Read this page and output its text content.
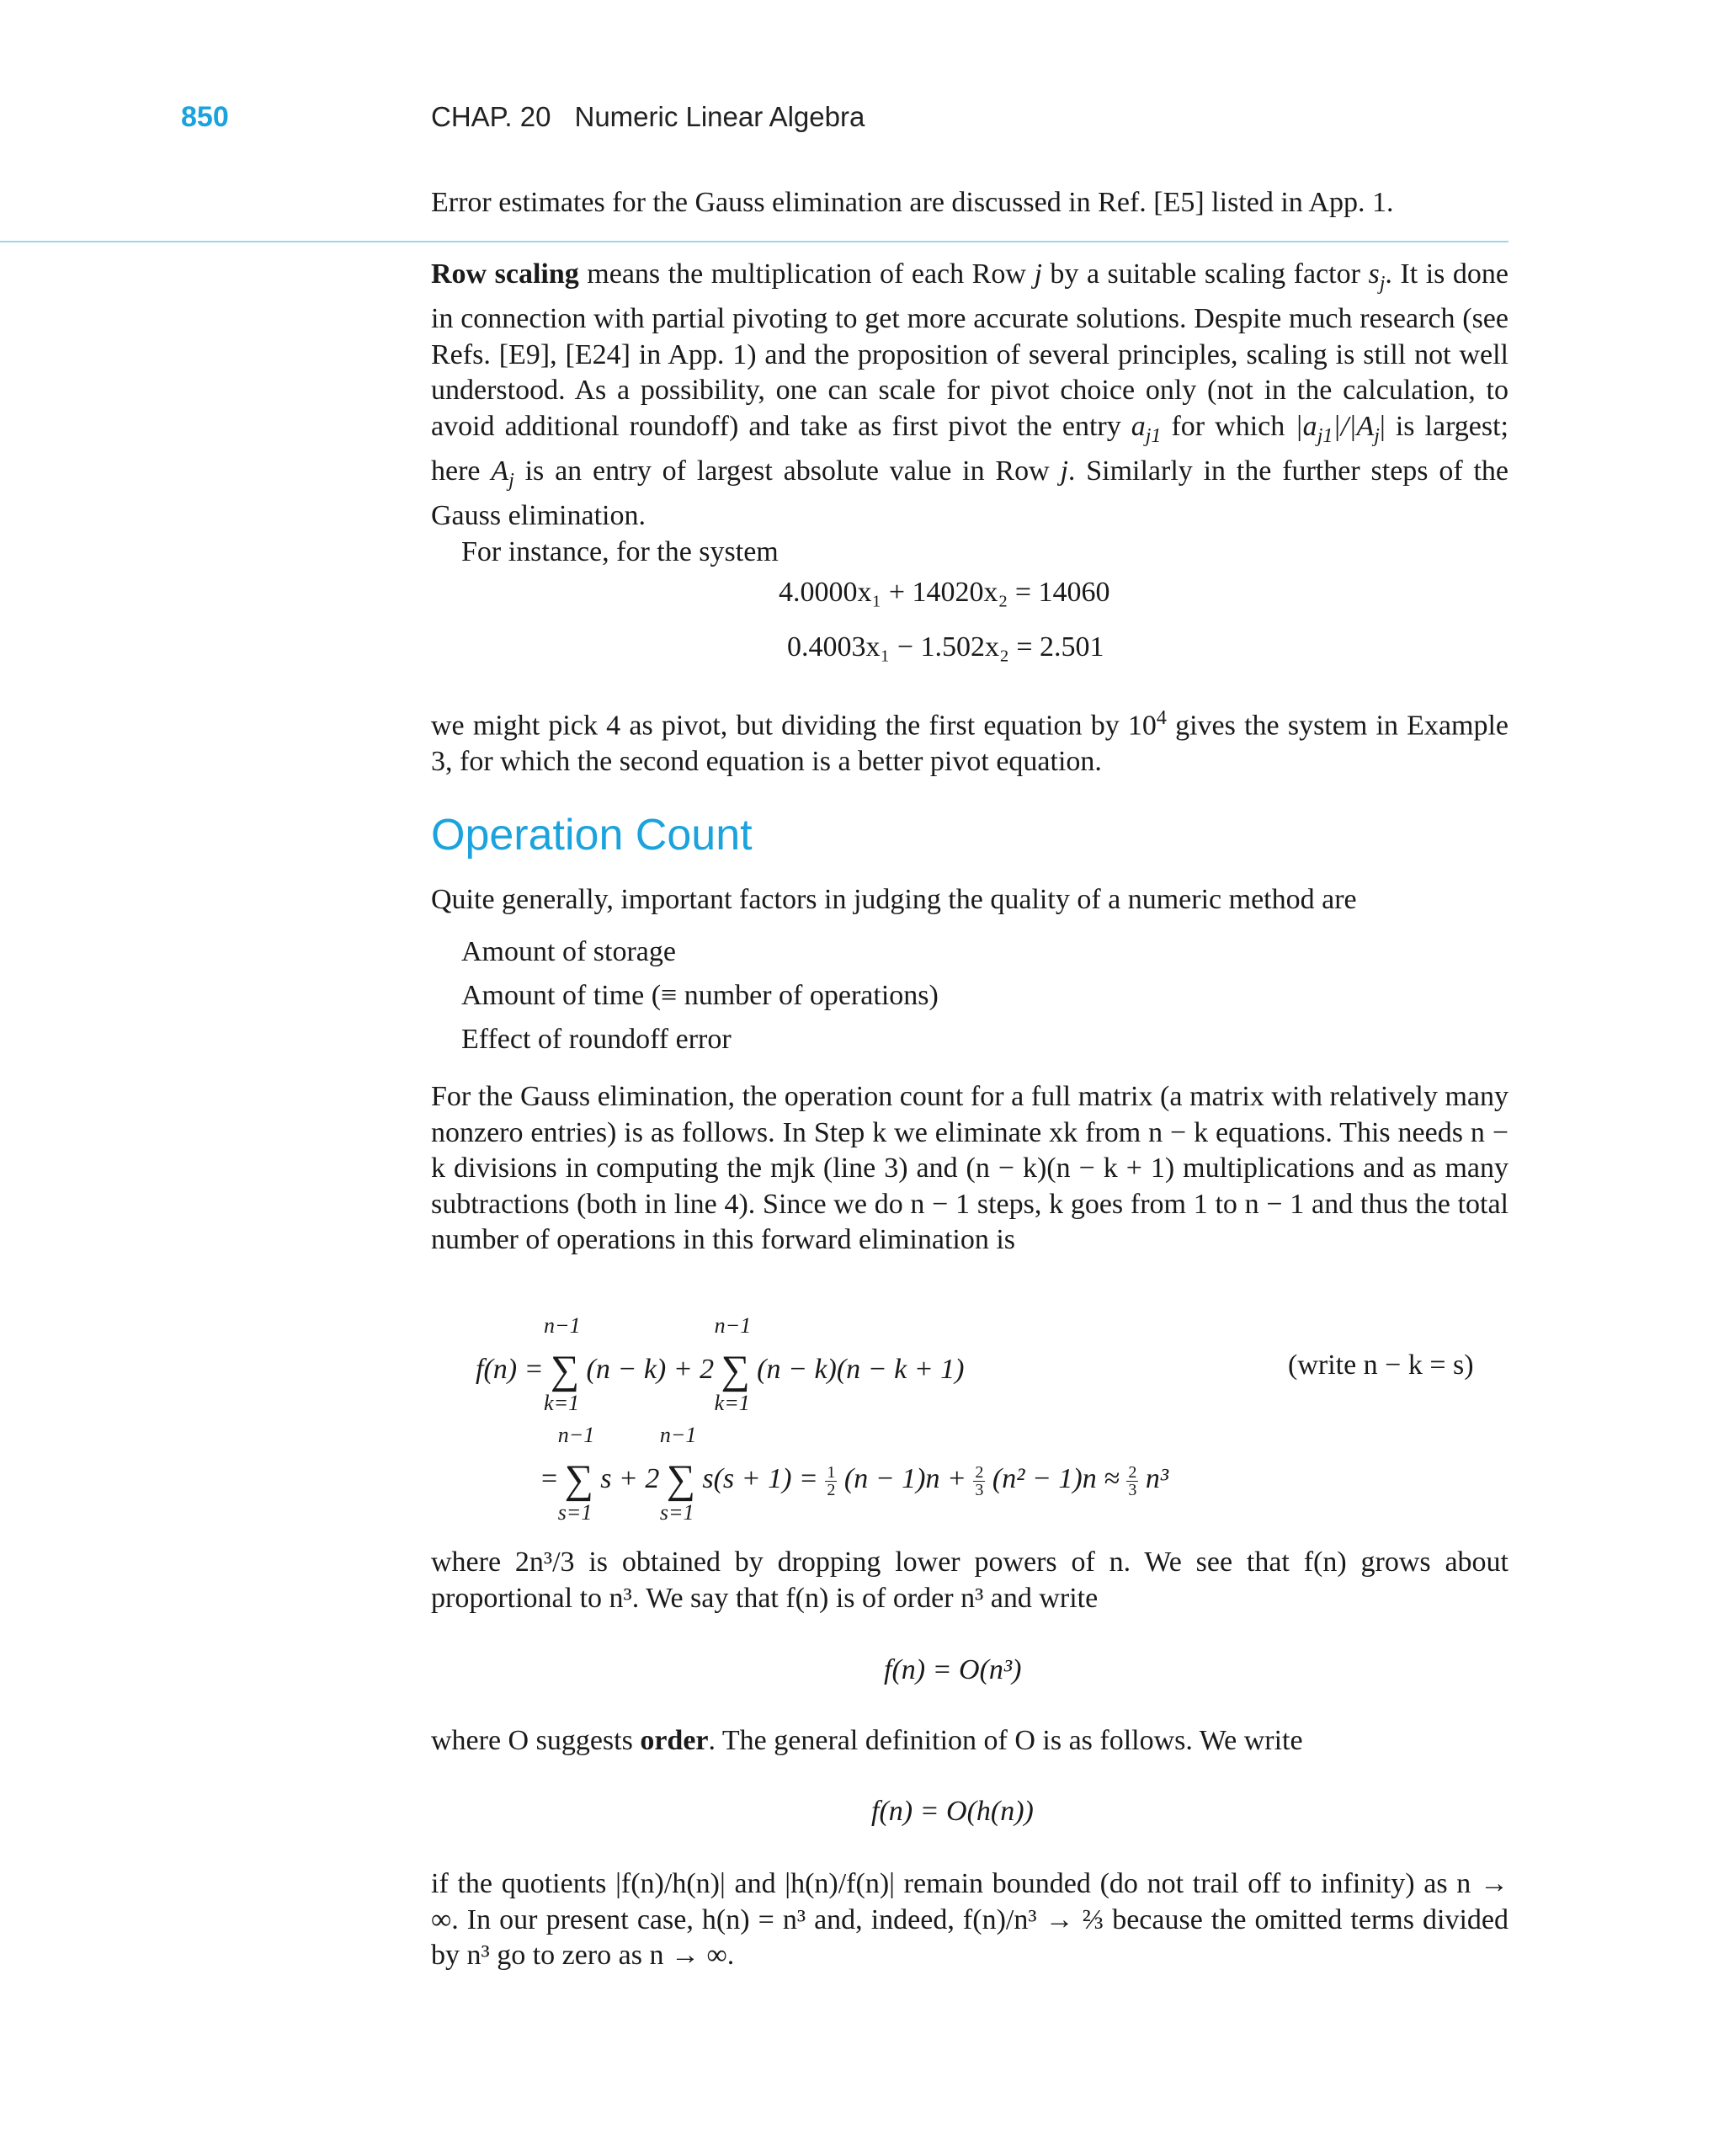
850	CHAP. 20 Numeric Linear Algebra

Error estimates for the Gauss elimination are discussed in Ref. [E5] listed in App. 1.

Row scaling means the multiplication of each Row j by a suitable scaling factor $s_j$. It is done in connection with partial pivoting to get more accurate solutions. Despite much research (see Refs. [E9], [E24] in App. 1) and the proposition of several principles, scaling is still not well understood. As a possibility, one can scale for pivot choice only (not in the calculation, to avoid additional roundoff) and take as first pivot the entry $a_{j1}$ for which $|a_{j1}|/|A_j|$ is largest; here $A_j$ is an entry of largest absolute value in Row j. Similarly in the further steps of the Gauss elimination.

For instance, for the system

4.0000x₁ + 14020x₂ = 14060
0.4003x₁ − 1.502x₂ = 2.501

we might pick 4 as pivot, but dividing the first equation by $10^4$ gives the system in Example 3, for which the second equation is a better pivot equation.

Operation Count

Quite generally, important factors in judging the quality of a numeric method are

Amount of storage
Amount of time (≡ number of operations)
Effect of roundoff error

For the Gauss elimination, the operation count for a full matrix (a matrix with relatively many nonzero entries) is as follows. In Step k we eliminate xk from n − k equations. This needs n − k divisions in computing the mjk (line 3) and (n − k)(n − k + 1) multiplications and as many subtractions (both in line 4). Since we do n − 1 steps, k goes from 1 to n − 1 and thus the total number of operations in this forward elimination is

f(n) = ∑
n−1
k=1
(n − k) + 2 ∑
n−1
k=1
(n − k)(n − k + 1)	(write n − k = s)
= ∑
n−1
s=1
s + 2 ∑
n−1
s=1
$s(s + 1) = \frac{1}{2} (n - 1)n + \frac{2}{3} (n^2 - 1)n \approx \frac{2}{3} n^3$

where 2n³/3 is obtained by dropping lower powers of n. We see that f(n) grows about proportional to n³. We say that f(n) is of order n³ and write

f(n) = O(n³)

where O suggests order. The general definition of O is as follows. We write

f(n) = O(h(n))

if the quotients |f(n)/h(n)| and |h(n)/f(n)| remain bounded (do not trail off to infinity) as n → ∞. In our present case, h(n) = n³ and, indeed, f(n)/n³ → ⅔ because the omitted terms divided by n³ go to zero as n → ∞.
